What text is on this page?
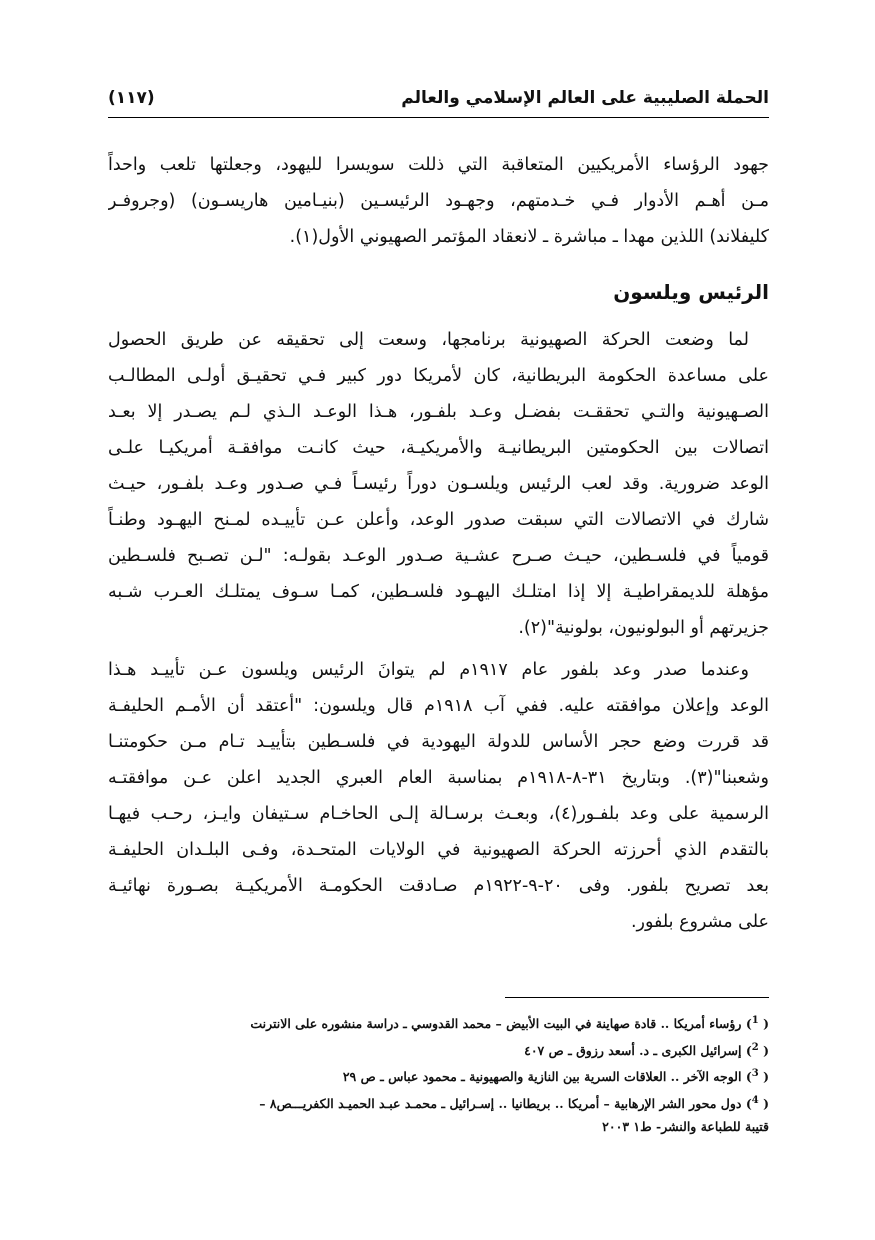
الحملة الصليبية على العالم الإسلامي والعالم
(١١٧)
جهود الرؤساء الأمريكيين المتعاقبة التي ذللت سويسرا لليهود، وجعلتها تلعب واحداً
مـن أهـم الأدوار فـي خـدمتهم، وجهـود الرئيسـين (بنيـامين هاريسـون) (وجروفـر
كليفلاند) اللذين مهدا ـ مباشرة ـ لانعقاد المؤتمر الصهيوني الأول(١).
الرئيس ويلسون
لما وضعت الحركة الصهيونية برنامجها، وسعت إلى تحقيقه عن طريق الحصول
على مساعدة الحكومة البريطانية، كان لأمريكا دور كبير فـي تحقيـق أولـى المطالـب
الصـهيونية والتـي تحققـت بفضـل وعـد بلفـور، هـذا الوعـد الـذي لـم يصـدر إلا بعـد
اتصالات بين الحكومتين البريطانيـة والأمريكيـة، حيث كانـت موافقـة أمريكيـا علـى
الوعد ضرورية. وقد لعب الرئيس ويلسـون دوراً رئيسـاً فـي صـدور وعـد بلفـور، حيـث
شارك في الاتصالات التي سبقت صدور الوعد، وأعلن عـن تأييـده لمـنح اليهـود وطنـاً
قومياً في فلسـطين، حيـث صـرح عشـية صـدور الوعـد بقولـه: "لـن تصـبح فلسـطين
مؤهلة للديمقراطيـة إلا إذا امتلـك اليهـود فلسـطين، كمـا سـوف يمتلـك العـرب شـبه
جزيرتهم أو البولونيون، بولونية"(٢).
وعندما صدر وعد بلفور عام ١٩١٧م لم يتوانَ الرئيس ويلسون عـن تأييـد هـذا
الوعد وإعلان موافقته عليه. ففي آب ١٩١٨م قال ويلسون: "أعتقد أن الأمـم الحليفـة
قد قررت وضع حجر الأساس للدولة اليهودية في فلسـطين بتأييـد تـام مـن حكومتنـا
وشعبنا"(٣). وبتاريخ ٣١-٨-١٩١٨م بمناسبة العام العبري الجديد اعلن عـن موافقتـه
الرسمية على وعد بلفـور(٤)، وبعـث برسـالة إلـى الحاخـام سـتيفان وايـز، رحـب فيهـا
بالتقدم الذي أحرزته الحركة الصهيونية في الولايات المتحـدة، وفـى البلـدان الحليفـة
بعد تصريح بلفور. وفى ٢٠-٩-١٩٢٢م صـادقت الحكومـة الأمريكيـة بصـورة نهائيـة
على مشروع بلفور.
( $^1$) رؤساء أمريكا .. قادة صهاينة في البيت الأبيض – محمد القدوسي ـ دراسة منشوره على الانترنت
( $^2$) إسرائيل الكبرى ـ د. أسعد رزوق ـ ص ٤٠٧
( $^3$) الوجه الآخر .. العلاقات السرية بين النازية والصهيونية ـ محمود عباس ـ ص ٢٩
( $^4$) دول محور الشر الإرهابية – أمريكا .. بريطانيا .. إسـرائيل ـ محمـد عبـد الحميـد الكفريـــص٨ –
قتيبة للطباعة والنشر- ط١ ٢٠٠٣
